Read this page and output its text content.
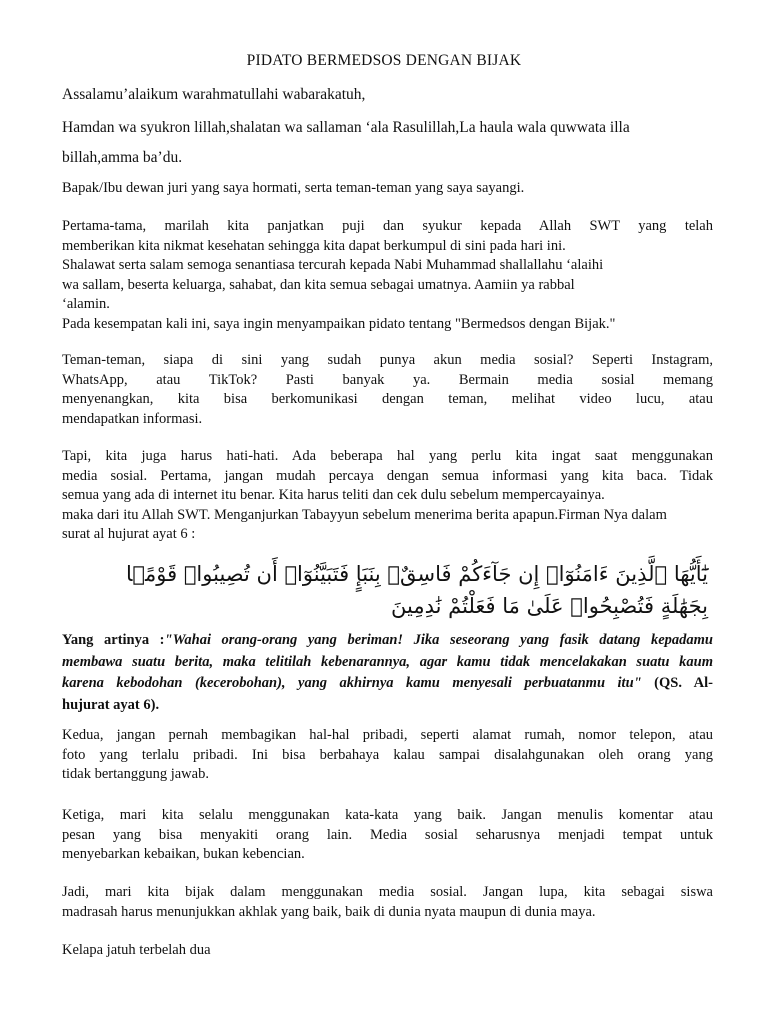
PIDATO BERMEDSOS DENGAN BIJAK
Assalamu’alaikum warahmatullahi wabarakatuh,
Hamdan wa syukron lillah,shalatan wa sallaman ‘ala Rasulillah,La haula wala quwwata illa
billah,amma ba’du.
Bapak/Ibu dewan juri yang saya hormati, serta teman-teman yang saya sayangi.
Pertama-tama, marilah kita panjatkan puji dan syukur kepada Allah SWT yang telah
memberikan kita nikmat kesehatan sehingga kita dapat berkumpul di sini pada hari ini.
Shalawat serta salam semoga senantiasa tercurah kepada Nabi Muhammad shallallahu ‘alaihi
wa sallam, beserta keluarga, sahabat, dan kita semua sebagai umatnya. Aamiin ya rabbal
‘alamin.
Pada kesempatan kali ini, saya ingin menyampaikan pidato tentang "Bermedsos dengan Bijak."
Teman-teman, siapa di sini yang sudah punya akun media sosial? Seperti Instagram,
WhatsApp, atau TikTok? Pasti banyak ya. Bermain media sosial memang
menyenangkan, kita bisa berkomunikasi dengan teman, melihat video lucu, atau
mendapatkan informasi.
Tapi, kita juga harus hati-hati. Ada beberapa hal yang perlu kita ingat saat menggunakan
media sosial. Pertama, jangan mudah percaya dengan semua informasi yang kita baca. Tidak
semua yang ada di internet itu benar. Kita harus teliti dan cek dulu sebelum mempercayainya.
maka dari itu Allah SWT. Menganjurkan Tabayyun sebelum menerima berita apapun.Firman Nya dalam
surat al hujurat ayat 6 :
يَٰٓأَيُّهَا ٱلَّذِينَ ءَامَنُوٓا۟ إِن جَآءَكُمْ فَاسِقٌۢ بِنَبَإٍ فَتَبَيَّنُوٓا۟ أَن تُصِيبُوا۟ قَوْمًۢا
بِجَهَٰلَةٍ فَتُصْبِحُوا۟ عَلَىٰ مَا فَعَلْتُمْ نَٰدِمِينَ
Yang artinya :"Wahai orang-orang yang beriman! Jika seseorang yang fasik datang kepadamu
membawa suatu berita, maka telitilah kebenarannya, agar kamu tidak mencelakakan suatu kaum
karena kebodohan (kecerobohan), yang akhirnya kamu menyesali perbuatanmu itu" (QS. Al-
hujurat ayat 6).
Kedua, jangan pernah membagikan hal-hal pribadi, seperti alamat rumah, nomor telepon, atau
foto yang terlalu pribadi. Ini bisa berbahaya kalau sampai disalahgunakan oleh orang yang
tidak bertanggung jawab.
Ketiga, mari kita selalu menggunakan kata-kata yang baik. Jangan menulis komentar atau
pesan yang bisa menyakiti orang lain. Media sosial seharusnya menjadi tempat untuk
menyebarkan kebaikan, bukan kebencian.
Jadi, mari kita bijak dalam menggunakan media sosial. Jangan lupa, kita sebagai siswa
madrasah harus menunjukkan akhlak yang baik, baik di dunia nyata maupun di dunia maya.
Kelapa jatuh terbelah dua
